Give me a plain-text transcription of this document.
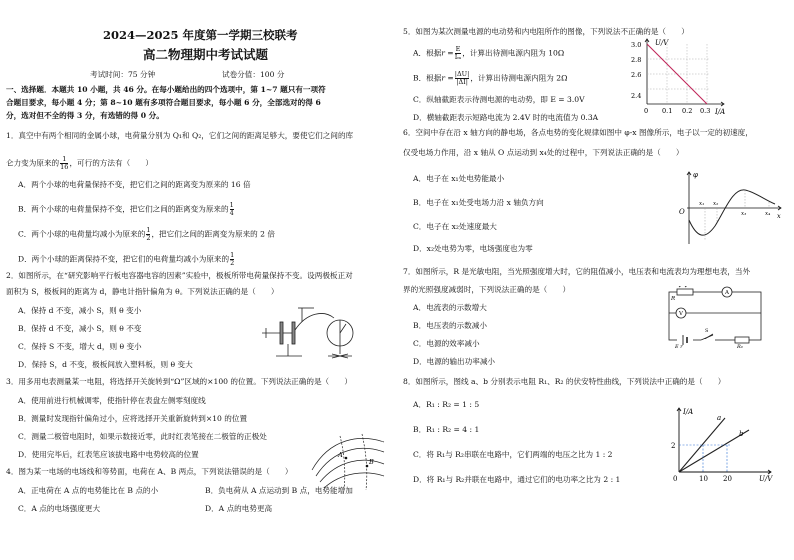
2024—2025 年度第一学期三校联考
高二物理期中考试试题
考试时间：75 分钟	试卷分值：100 分
一、选择题．本题共 10 小题，共 46 分。在每小题给出的四个选项中，第 1~7 题只有一项符
合题目要求，每小题 4 分；第 8~10 题有多项符合题目要求，每小题 6 分，全部选对的得 6
分，选对但不全的得 3 分，有选错的得 0 分。
1．真空中有两个相同的金属小球，电荷量分别为 Q₁和 Q₂，它们之间的距离足够大，要使它们之间的库
仑力变为原来的 $\frac{1}{16}$ ，可行的方法有（　　）
A．两个小球的电荷量保持不变，把它们之间的距离变为原来的 16 倍
B．两个小球的电荷量保持不变，把它们之间的距离变为原来的 $\frac{1}{4}$
C．两个小球的电荷量均减小为原来的 $\frac{1}{2}$ ，把它们之间的距离变为原来的 2 倍
D．两个小球的距离保持不变，把它们的电荷量均减小为原来的 $\frac{1}{2}$
2．如图所示，在“研究影响平行板电容器电容的因素”实验中，极板所带电荷量保持不变。设两极板正对
面积为 S，极板间的距离为 d，静电计指针偏角为 θ。下列说法正确的是（　　）
A．保持 d 不变，减小 S，则 θ 变小
B．保持 d 不变，减小 S，则 θ 不变
C．保持 S 不变，增大 d，则 θ 变小
D．保持 S，d 不变，极板间放入塑料板，则 θ 变大
3．用多用电表测量某一电阻，将选择开关旋转到“Ω”区域的×100 的位置。下列说法正确的是（　　）
A．使用前进行机械调零，使指针停在表盘左侧零刻度线
B．测量时发现指针偏角过小，应将选择开关重新旋转到×10 的位置
C．测量二极管电阻时，如果示数接近零，此时红表笔接在二极管的正极处
D．使用完毕后，红表笔应该拔电路中电势较高的位置	A
B
4．图为某一电场的电场线和等势面，电荷在 A、B 两点，下列说法错误的是（　　）
A．正电荷在 A 点的电势能比在 B 点的小	B．负电荷从 A 点运动到 B 点，电势能增加
C．A 点的电场强度更大	D．A 点的电势更高
5．如图为某次测量电源的电动势和内电阻所作的图像，下列说法不正确的是（　　）
A．根据$r = \frac{E}{\text{Iₘ}}$ ，计算出待测电源内阻为 10Ω
B．根据$r = \frac{|\Delta U|}{|\Delta I|}$ ，计算出待测电源内阻为 2Ω
C．纵轴截距表示待测电源的电动势，即 E = 3.0V
D．横轴截距表示短路电流为 2.4V 时的电流值为 0.3A
U/V
I/A
3.0
2.8
2.6
2.4
0 0.1 0.2 0.3
6．空间中存在沿 x 轴方向的静电场，各点电势的变化规律如图中 φ-x 图像所示，电子以一定的初速度，
仅受电场力作用，沿 x 轴从 O 点运动到 x₄处的过程中，下列说法正确的是（　　）
A．电子在 x₁处电势能最小
B．电子在 x₁处受电场力沿 x 轴负方向
C．电子在 x₂处速度最大
D．x₂处电势为零，电场强度也为零
φ
O	x
x₁ x₂
x₃	x₄
7．如图所示，R 是光敏电阻，当光照强度增大时，它的阻值减小，电压表和电流表均为理想电表，当外
界的光照强度减弱时，下列说法正确的是（　　）
A．电流表的示数增大
B．电压表的示数减小
C．电源的效率减小
D．电源的输出功率减小
R
A
V
E r
S
R₀
8．如图所示，图线 a、b 分别表示电阻 R₁、R₂ 的伏安特性曲线，下列说法中正确的是（　　）
A．R₁ : R₂ = 1 : 5
B．R₁ : R₂ = 4 : 1
C．将 R₁与 R₂串联在电路中，它们两端的电压之比为 1 : 2
D．将 R₁与 R₂并联在电路中，通过它们的电功率之比为 2 : 1
I/A
U/V
2
0	10 20
a
b
